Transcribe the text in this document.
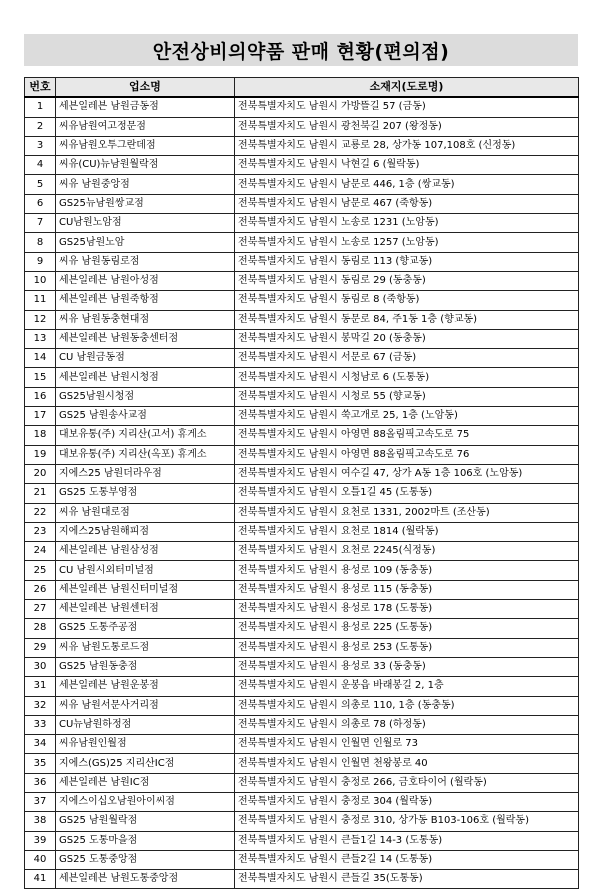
안전상비의약품 판매 현황(편의점)
번호	업소명	소재지(도로명)
1	세븐일레븐 남원금동점	전북특별자치도 남원시 가방뜰길 57 (금동)
2	씨유남원여고정문점	전북특별자치도 남원시 광천북길 207 (왕정동)
3	씨유남원오투그란데점	전북특별자치도 남원시 교룡로 28, 상가동 107,108호 (신정동)
4	씨유(CU)뉴남원월락점	전북특별자치도 남원시 낙현길 6 (월락동)
5	씨유 남원중앙점	전북특별자치도 남원시 남문로 446, 1층 (쌍교동)
6	GS25뉴남원쌍교점	전북특별자치도 남원시 남문로 467 (죽항동)
7	CU남원노암점	전북특별자치도 남원시 노송로 1231 (노암동)
8	GS25남원노암	전북특별자치도 남원시 노송로 1257 (노암동)
9	씨유 남원동림로점	전북특별자치도 남원시 동림로 113 (향교동)
10	세븐일레븐 남원아성점	전북특별자치도 남원시 동림로 29 (동충동)
11	세븐일레븐 남원죽항점	전북특별자치도 남원시 동림로 8 (죽항동)
12	씨유 남원동충현대점	전북특별자치도 남원시 동문로 84, 주1동 1층 (향교동)
13	세븐일레븐 남원동충센터점	전북특별자치도 남원시 봉막길 20 (동충동)
14	CU 남원금동점	전북특별자치도 남원시 서문로 67 (금동)
15	세븐일레븐 남원시청점	전북특별자치도 남원시 시청남로 6 (도통동)
16	GS25남원시청점	전북특별자치도 남원시 시청로 55 (향교동)
17	GS25 남원송사교점	전북특별자치도 남원시 쑥고개로 25, 1층 (노암동)
18	대보유통(주) 지리산(고서) 휴게소	전북특별자치도 남원시 아영면 88올림픽고속도로 75
19	대보유통(주) 지리산(옥포) 휴게소	전북특별자치도 남원시 아영면 88올림픽고속도로 76
20	지에스25 남원더라우점	전북특별자치도 남원시 여수길 47, 상가 A동 1층 106호 (노암동)
21	GS25 도통부영점	전북특별자치도 남원시 오틀1길 45 (도통동)
22	씨유 남원대로점	전북특별자치도 남원시 요천로 1331, 2002마트 (조산동)
23	지에스25남원해피점	전북특별자치도 남원시 요천로 1814 (월락동)
24	세븐일레븐 남원삼성점	전북특별자치도 남원시 요천로 2245(식정동)
25	CU 남원시외터미널점	전북특별자치도 남원시 용성로 109 (동충동)
26	세븐일레븐 남원신터미널점	전북특별자치도 남원시 용성로 115 (동충동)
27	세븐일레븐 남원센터점	전북특별자치도 남원시 용성로 178 (도통동)
28	GS25 도통주공점	전북특별자치도 남원시 용성로 225 (도통동)
29	씨유 남원도통로드점	전북특별자치도 남원시 용성로 253 (도통동)
30	GS25 남원동충점	전북특별자치도 남원시 용성로 33 (동충동)
31	세븐일레븐 남원운봉점	전북특별자치도 남원시 운봉읍 바래봉길 2, 1층
32	씨유 남원서문사거리점	전북특별자치도 남원시 의총로 110, 1층 (동충동)
33	CU뉴남원하정점	전북특별자치도 남원시 의총로 78 (하정동)
34	씨유남원인월점	전북특별자치도 남원시 인월면 인월로 73
35	지에스(GS)25 지리산IC점	전북특별자치도 남원시 인월면 천왕봉로 40
36	세븐일레븐 남원IC점	전북특별자치도 남원시 충정로 266, 금호타이어 (월락동)
37	지에스이십오남원아이씨점	전북특별자치도 남원시 충정로 304 (월락동)
38	GS25 남원월락점	전북특별자치도 남원시 충정로 310, 상가동 B103-106호 (월락동)
39	GS25 도통마을점	전북특별자치도 남원시 큰들1길 14-3 (도통동)
40	GS25 도통중앙점	전북특별자치도 남원시 큰들2길 14 (도통동)
41	세븐일레븐 남원도통중앙점	전북특별자치도 남원시 큰들길 35(도통동)
